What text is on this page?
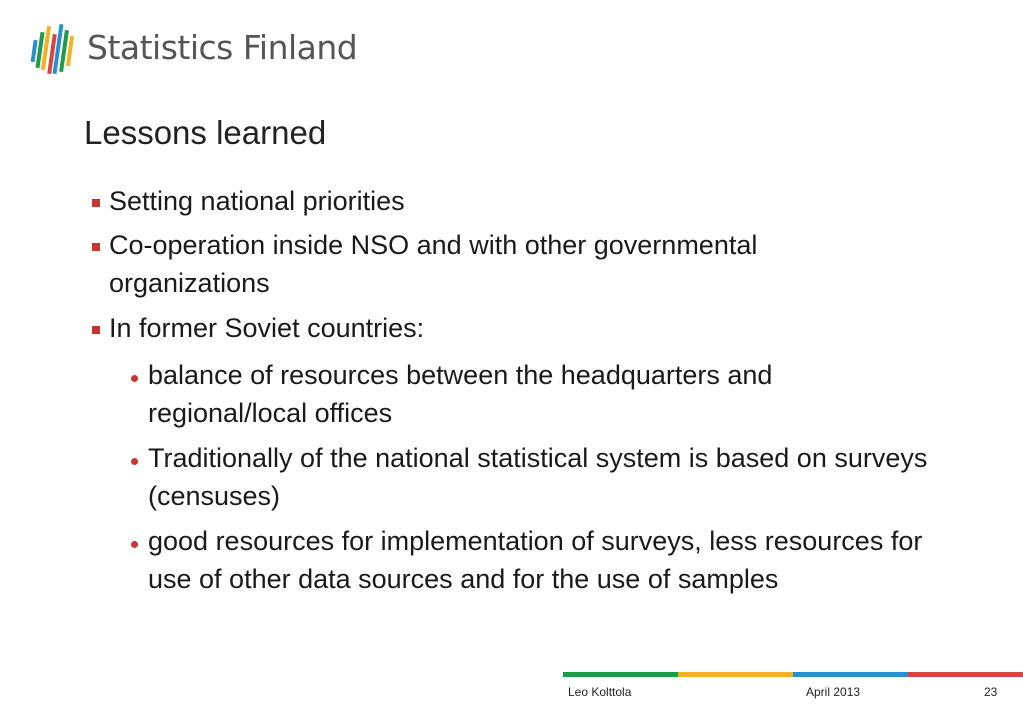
Statistics Finland
Lessons learned
Setting national priorities
Co-operation inside NSO and with other governmental organizations
In former Soviet countries:
balance of resources between the headquarters and regional/local offices
Traditionally of the national statistical system is based on surveys (censuses)
good resources for implementation of surveys, less resources for use of other data sources and for the use of samples
Leo Kolttola	April 2013	23
